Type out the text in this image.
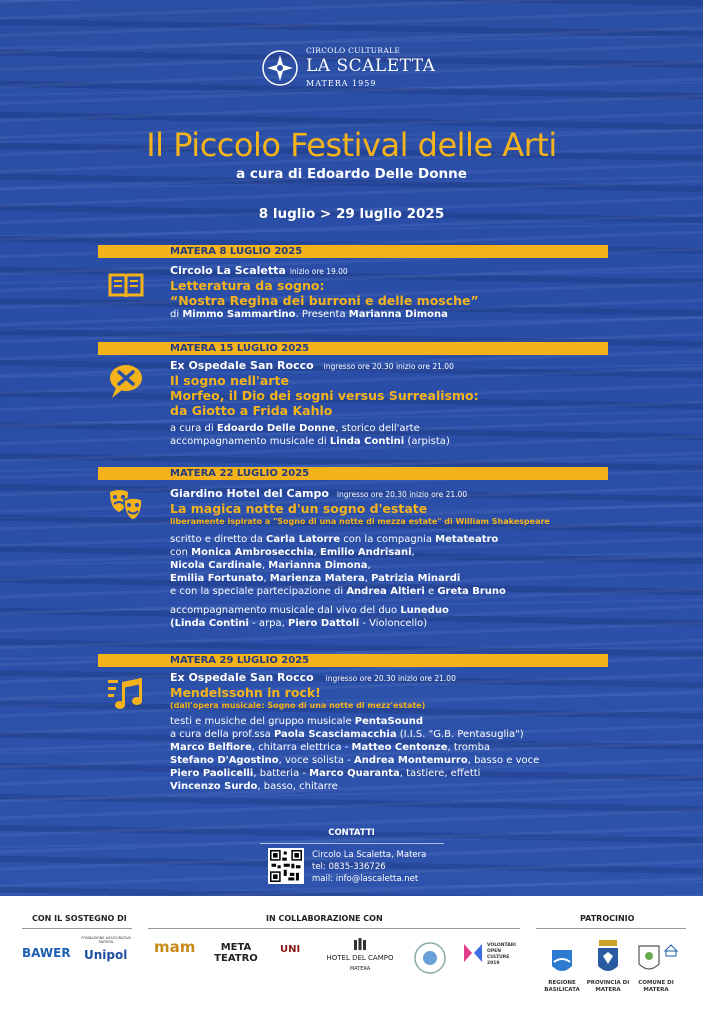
CIRCOLO CULTURALE
LA SCALETTA
MATERA 1959
Il Piccolo Festival delle Arti
a cura di Edoardo Delle Donne
8 luglio > 29 luglio 2025
MATERA 8 LUGLIO 2025
Circolo La Scaletta inizio ore 19.00
Letteratura da sogno:
“Nostra Regina dei burroni e delle mosche”
di Mimmo Sammartino. Presenta Marianna Dimona
MATERA 15 LUGLIO 2025
Ex Ospedale San Rocco ingresso ore 20.30 inizio ore 21.00
Il sogno nell'arte
Morfeo, il Dio dei sogni versus Surrealismo:
da Giotto a Frida Kahlo
a cura di Edoardo Delle Donne, storico dell'arte
accompagnamento musicale di Linda Contini (arpista)
MATERA 22 LUGLIO 2025
Giardino Hotel del Campo ingresso ore 20.30 inizio ore 21.00
La magica notte d'un sogno d'estate
liberamente ispirato a "Sogno di una notte di mezza estate" di William Shakespeare
scritto e diretto da Carla Latorre con la compagnia Metateatro
con Monica Ambrosecchia, Emilio Andrisani,
Nicola Cardinale, Marianna Dimona,
Emilia Fortunato, Marienza Matera, Patrizia Minardi
e con la speciale partecipazione di Andrea Altieri e Greta Bruno
accompagnamento musicale dal vivo del duo Luneduo
(Linda Contini - arpa, Piero Dattoli - Violoncello)
MATERA 29 LUGLIO 2025
Ex Ospedale San Rocco ingresso ore 20.30 inizio ore 21.00
Mendelssohn in rock!
(dall'opera musicale: Sogno di una notte di mezz'estate)
testi e musiche del gruppo musicale PentaSound
a cura della prof.ssa Paola Scasciamacchia (I.I.S. "G.B. Pentasuglia")
Marco Belfiore, chitarra elettrica - Matteo Centonze, tromba
Stefano D'Agostino, voce solista - Andrea Montemurro, basso e voce
Piero Paolicelli, batteria - Marco Quaranta, tastiere, effetti
Vincenzo Surdo, basso, chitarre
CONTATTI
Circolo La Scaletta, Matera
tel: 0835-336726
mail: info@lascaletta.net
CON IL SOSTEGNO DI
BAWER
FONDAZIONE ASSICURATIVA MATERA
Unipol
IN COLLABORAZIONE CON
mam	META TEATRO
UNI
HOTEL DEL CAMPO
MATERA
VOLONTARI OPEN CULTURE 2019
PATROCINIO
REGIONE BASILICATA
PROVINCIA DI MATERA
COMUNE DI MATERA
